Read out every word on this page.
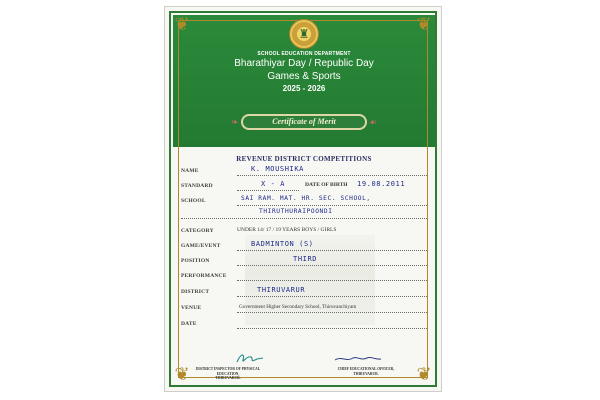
❦	❦
❦	❦
♜
SCHOOL EDUCATION DEPARTMENT
Bharathiyar Day / Republic Day
Games & Sports
2025 - 2026
❧	Certificate of Merit	☙
REVENUE DISTRICT COMPETITIONS
NAME	K. MOUSHIKA
STANDARD	X - A	DATE OF BIRTH 19.08.2011
SCHOOL	SAI RAM. MAT. HR. SEC. SCHOOL,
THIRUTHURAIPOONDI
CATEGORY	UNDER 14/ 17 / 19 YEARS BOYS / GIRLS
GAME/EVENT	BADMINTON (S)
POSITION	THIRD
PERFORMANCE
DISTRICT	THIRUVARUR
VENUE	Government Higher Secondary School, Thiruvanchiyam
DATE
DISTRICT INSPECTOR OF PHYSICAL EDUCATION,
THIRUVARUR.
CHIEF EDUCATIONAL OFFICER,
THIRUVARUR.
